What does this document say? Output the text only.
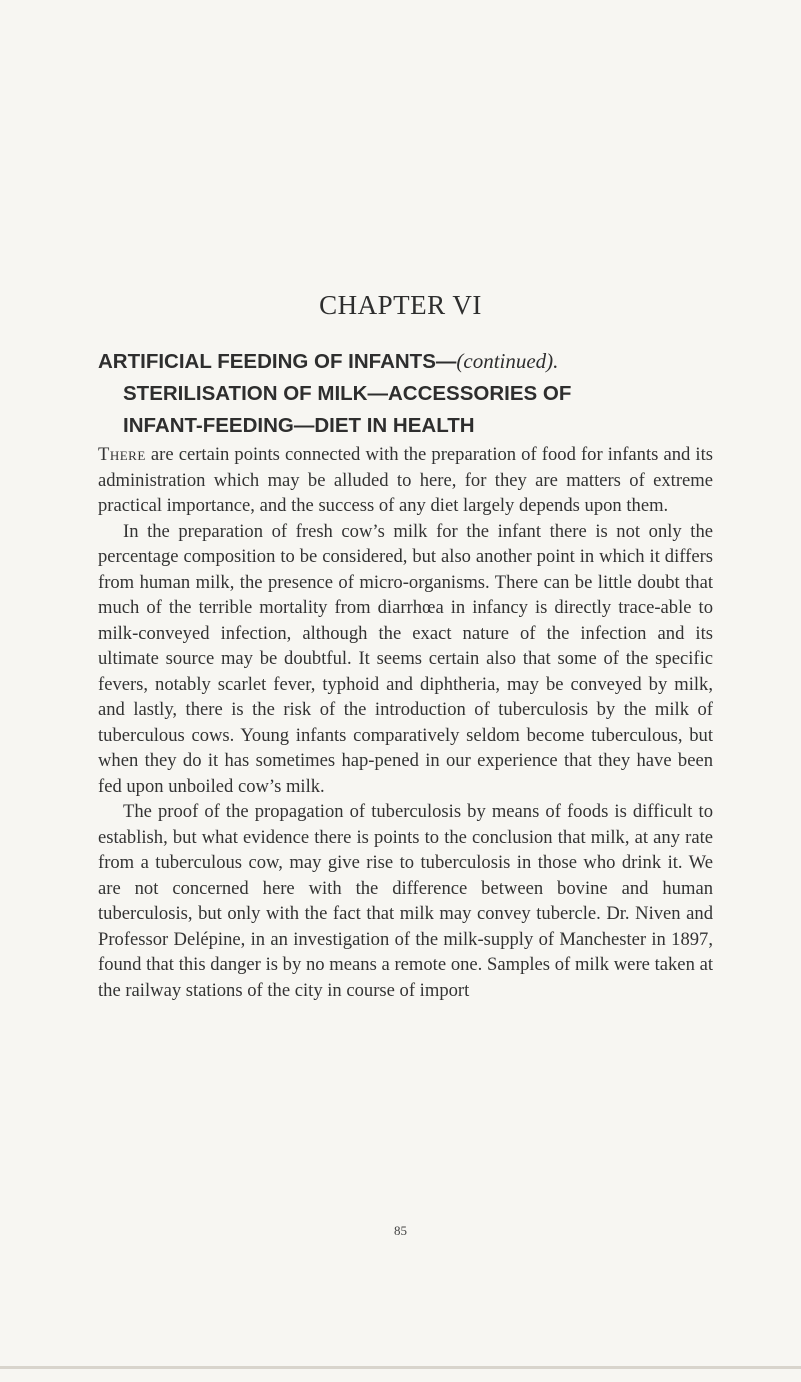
CHAPTER VI
ARTIFICIAL FEEDING OF INFANTS—(continued).
STERILISATION OF MILK—ACCESSORIES OF
INFANT-FEEDING—DIET IN HEALTH

There are certain points connected with the preparation of food for infants and its administration which may be alluded to here, for they are matters of extreme practical importance, and the success of any diet largely depends upon them.

In the preparation of fresh cow’s milk for the infant there is not only the percentage composition to be considered, but also another point in which it differs from human milk, the presence of micro-organisms. There can be little doubt that much of the terrible mortality from diarrhœa in infancy is directly trace-able to milk-conveyed infection, although the exact nature of the infection and its ultimate source may be doubtful. It seems certain also that some of the specific fevers, notably scarlet fever, typhoid and diphtheria, may be conveyed by milk, and lastly, there is the risk of the introduction of tuberculosis by the milk of tuberculous cows. Young infants comparatively seldom become tuberculous, but when they do it has sometimes hap-pened in our experience that they have been fed upon unboiled cow’s milk.

The proof of the propagation of tuberculosis by means of foods is difficult to establish, but what evidence there is points to the conclusion that milk, at any rate from a tuberculous cow, may give rise to tuberculosis in those who drink it. We are not concerned here with the difference between bovine and human tuberculosis, but only with the fact that milk may convey tubercle. Dr. Niven and Professor Delépine, in an investigation of the milk-supply of Manchester in 1897, found that this danger is by no means a remote one. Samples of milk were taken at the railway stations of the city in course of import

85
